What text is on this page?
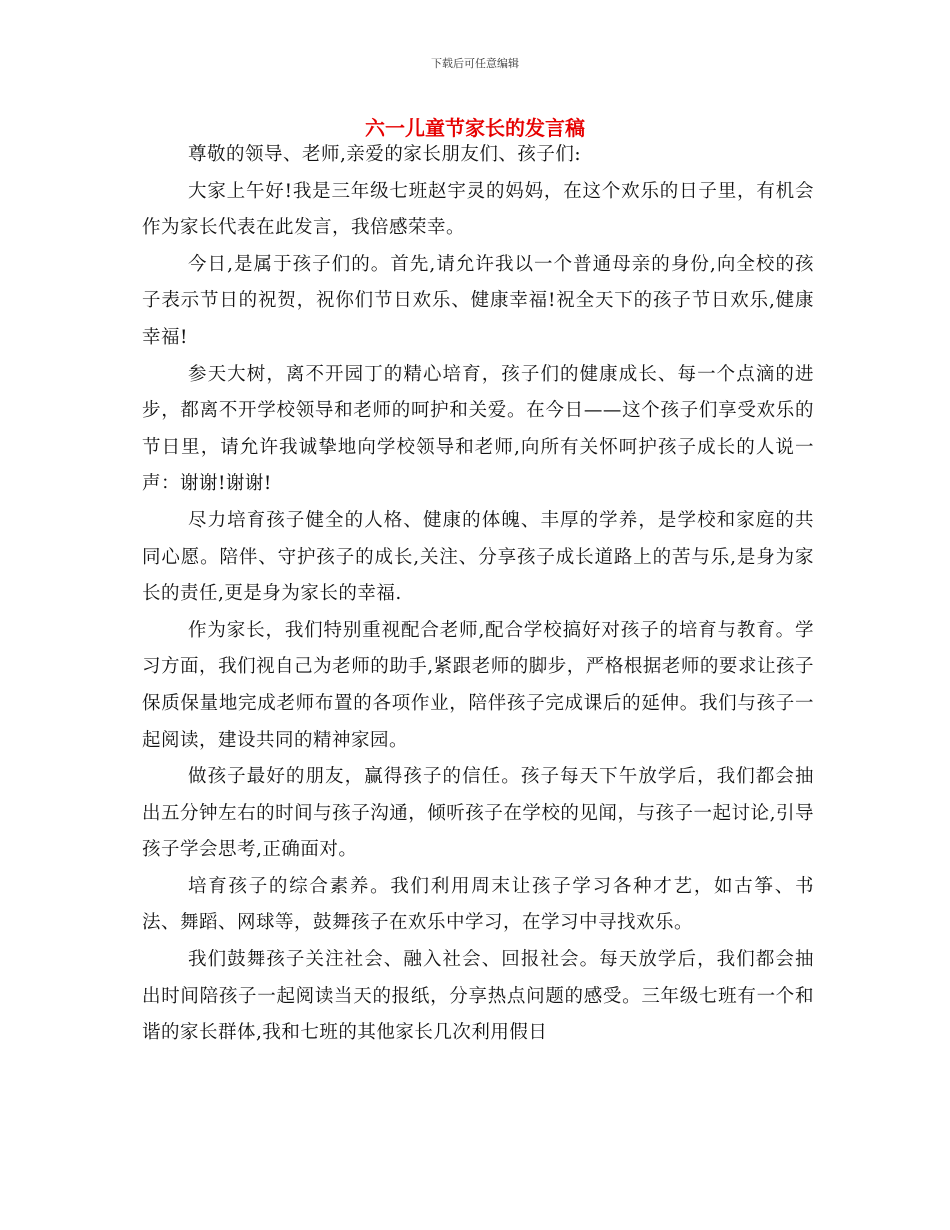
下载后可任意编辑
六一儿童节家长的发言稿

尊敬的领导、老师,亲爱的家长朋友们、孩子们:

大家上午好!我是三年级七班赵宇灵的妈妈，在这个欢乐的日子里，有机会作为家长代表在此发言，我倍感荣幸。

今日,是属于孩子们的。首先,请允许我以一个普通母亲的身份,向全校的孩子表示节日的祝贺，祝你们节日欢乐、健康幸福!祝全天下的孩子节日欢乐,健康幸福!

参天大树，离不开园丁的精心培育，孩子们的健康成长、每一个点滴的进步，都离不开学校领导和老师的呵护和关爱。在今日——这个孩子们享受欢乐的节日里，请允许我诚挚地向学校领导和老师,向所有关怀呵护孩子成长的人说一声：谢谢!谢谢!

尽力培育孩子健全的人格、健康的体魄、丰厚的学养，是学校和家庭的共同心愿。陪伴、守护孩子的成长,关注、分享孩子成长道路上的苦与乐,是身为家长的责任,更是身为家长的幸福.

作为家长，我们特别重视配合老师,配合学校搞好对孩子的培育与教育。学习方面，我们视自己为老师的助手,紧跟老师的脚步，严格根据老师的要求让孩子保质保量地完成老师布置的各项作业，陪伴孩子完成课后的延伸。我们与孩子一起阅读，建设共同的精神家园。

做孩子最好的朋友，赢得孩子的信任。孩子每天下午放学后，我们都会抽出五分钟左右的时间与孩子沟通，倾听孩子在学校的见闻，与孩子一起讨论,引导孩子学会思考,正确面对。

培育孩子的综合素养。我们利用周末让孩子学习各种才艺，如古筝、书法、舞蹈、网球等，鼓舞孩子在欢乐中学习，在学习中寻找欢乐。

我们鼓舞孩子关注社会、融入社会、回报社会。每天放学后，我们都会抽出时间陪孩子一起阅读当天的报纸，分享热点问题的感受。三年级七班有一个和谐的家长群体,我和七班的其他家长几次利用假日
